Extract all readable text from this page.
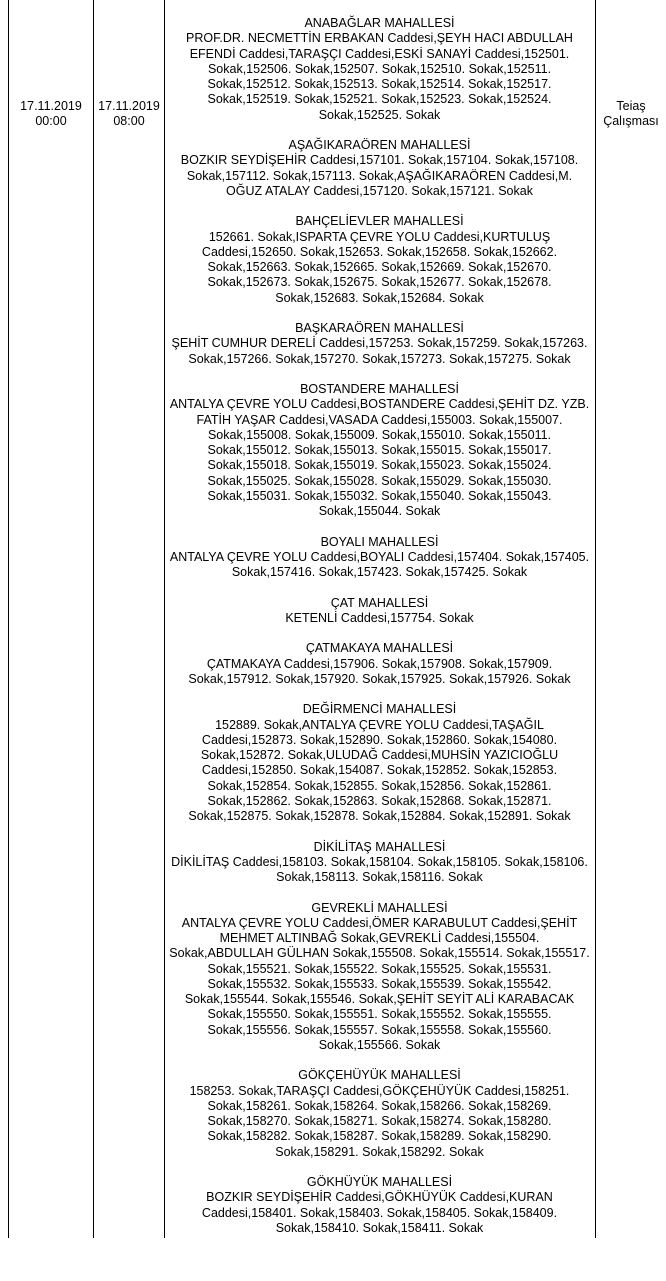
17.11.2019
00:00
17.11.2019
08:00
Teiaş Çalışması
ANABAĞLAR MAHALLESİ
PROF.DR. NECMETTİN ERBAKAN Caddesi,ŞEYH HACI ABDULLAH
EFENDİ Caddesi,TARAŞÇI Caddesi,ESKİ SANAYİ Caddesi,152501.
Sokak,152506. Sokak,152507. Sokak,152510. Sokak,152511.
Sokak,152512. Sokak,152513. Sokak,152514. Sokak,152517.
Sokak,152519. Sokak,152521. Sokak,152523. Sokak,152524.
Sokak,152525. Sokak
AŞAĞIKARAÖREN MAHALLESİ
BOZKIR SEYDİŞEHİR Caddesi,157101. Sokak,157104. Sokak,157108.
Sokak,157112. Sokak,157113. Sokak,AŞAĞIKARAÖREN Caddesi,M.
OĞUZ ATALAY Caddesi,157120. Sokak,157121. Sokak
BAHÇELİEVLER MAHALLESİ
152661. Sokak,ISPARTA ÇEVRE YOLU Caddesi,KURTULUŞ
Caddesi,152650. Sokak,152653. Sokak,152658. Sokak,152662.
Sokak,152663. Sokak,152665. Sokak,152669. Sokak,152670.
Sokak,152673. Sokak,152675. Sokak,152677. Sokak,152678.
Sokak,152683. Sokak,152684. Sokak
BAŞKARAÖREN MAHALLESİ
ŞEHİT CUMHUR DERELİ Caddesi,157253. Sokak,157259. Sokak,157263.
Sokak,157266. Sokak,157270. Sokak,157273. Sokak,157275. Sokak
BOSTANDERE MAHALLESİ
ANTALYA ÇEVRE YOLU Caddesi,BOSTANDERE Caddesi,ŞEHİT DZ. YZB.
FATİH YAŞAR Caddesi,VASADA Caddesi,155003. Sokak,155007.
Sokak,155008. Sokak,155009. Sokak,155010. Sokak,155011.
Sokak,155012. Sokak,155013. Sokak,155015. Sokak,155017.
Sokak,155018. Sokak,155019. Sokak,155023. Sokak,155024.
Sokak,155025. Sokak,155028. Sokak,155029. Sokak,155030.
Sokak,155031. Sokak,155032. Sokak,155040. Sokak,155043.
Sokak,155044. Sokak
BOYALI MAHALLESİ
ANTALYA ÇEVRE YOLU Caddesi,BOYALI Caddesi,157404. Sokak,157405.
Sokak,157416. Sokak,157423. Sokak,157425. Sokak
ÇAT MAHALLESİ
KETENLİ Caddesi,157754. Sokak
ÇATMAKAYA MAHALLESİ
ÇATMAKAYA Caddesi,157906. Sokak,157908. Sokak,157909.
Sokak,157912. Sokak,157920. Sokak,157925. Sokak,157926. Sokak
DEĞİRMENCİ MAHALLESİ
152889. Sokak,ANTALYA ÇEVRE YOLU Caddesi,TAŞAĞIL
Caddesi,152873. Sokak,152890. Sokak,152860. Sokak,154080.
Sokak,152872. Sokak,ULUDAĞ Caddesi,MUHSİN YAZICIOĞLU
Caddesi,152850. Sokak,154087. Sokak,152852. Sokak,152853.
Sokak,152854. Sokak,152855. Sokak,152856. Sokak,152861.
Sokak,152862. Sokak,152863. Sokak,152868. Sokak,152871.
Sokak,152875. Sokak,152878. Sokak,152884. Sokak,152891. Sokak
DİKİLİTAŞ MAHALLESİ
DİKİLİTAŞ Caddesi,158103. Sokak,158104. Sokak,158105. Sokak,158106.
Sokak,158113. Sokak,158116. Sokak
GEVREKLİ MAHALLESİ
ANTALYA ÇEVRE YOLU Caddesi,ÖMER KARABULUT Caddesi,ŞEHİT
MEHMET ALTINBAĞ Sokak,GEVREKLİ Caddesi,155504.
Sokak,ABDULLAH GÜLHAN Sokak,155508. Sokak,155514. Sokak,155517.
Sokak,155521. Sokak,155522. Sokak,155525. Sokak,155531.
Sokak,155532. Sokak,155533. Sokak,155539. Sokak,155542.
Sokak,155544. Sokak,155546. Sokak,ŞEHİT SEYİT ALİ KARABACAK
Sokak,155550. Sokak,155551. Sokak,155552. Sokak,155555.
Sokak,155556. Sokak,155557. Sokak,155558. Sokak,155560.
Sokak,155566. Sokak
GÖKÇEHÜYÜK MAHALLESİ
158253. Sokak,TARAŞÇI Caddesi,GÖKÇEHÜYÜK Caddesi,158251.
Sokak,158261. Sokak,158264. Sokak,158266. Sokak,158269.
Sokak,158270. Sokak,158271. Sokak,158274. Sokak,158280.
Sokak,158282. Sokak,158287. Sokak,158289. Sokak,158290.
Sokak,158291. Sokak,158292. Sokak
GÖKHÜYÜK MAHALLESİ
BOZKIR SEYDİŞEHİR Caddesi,GÖKHÜYÜK Caddesi,KURAN
Caddesi,158401. Sokak,158403. Sokak,158405. Sokak,158409.
Sokak,158410. Sokak,158411. Sokak
